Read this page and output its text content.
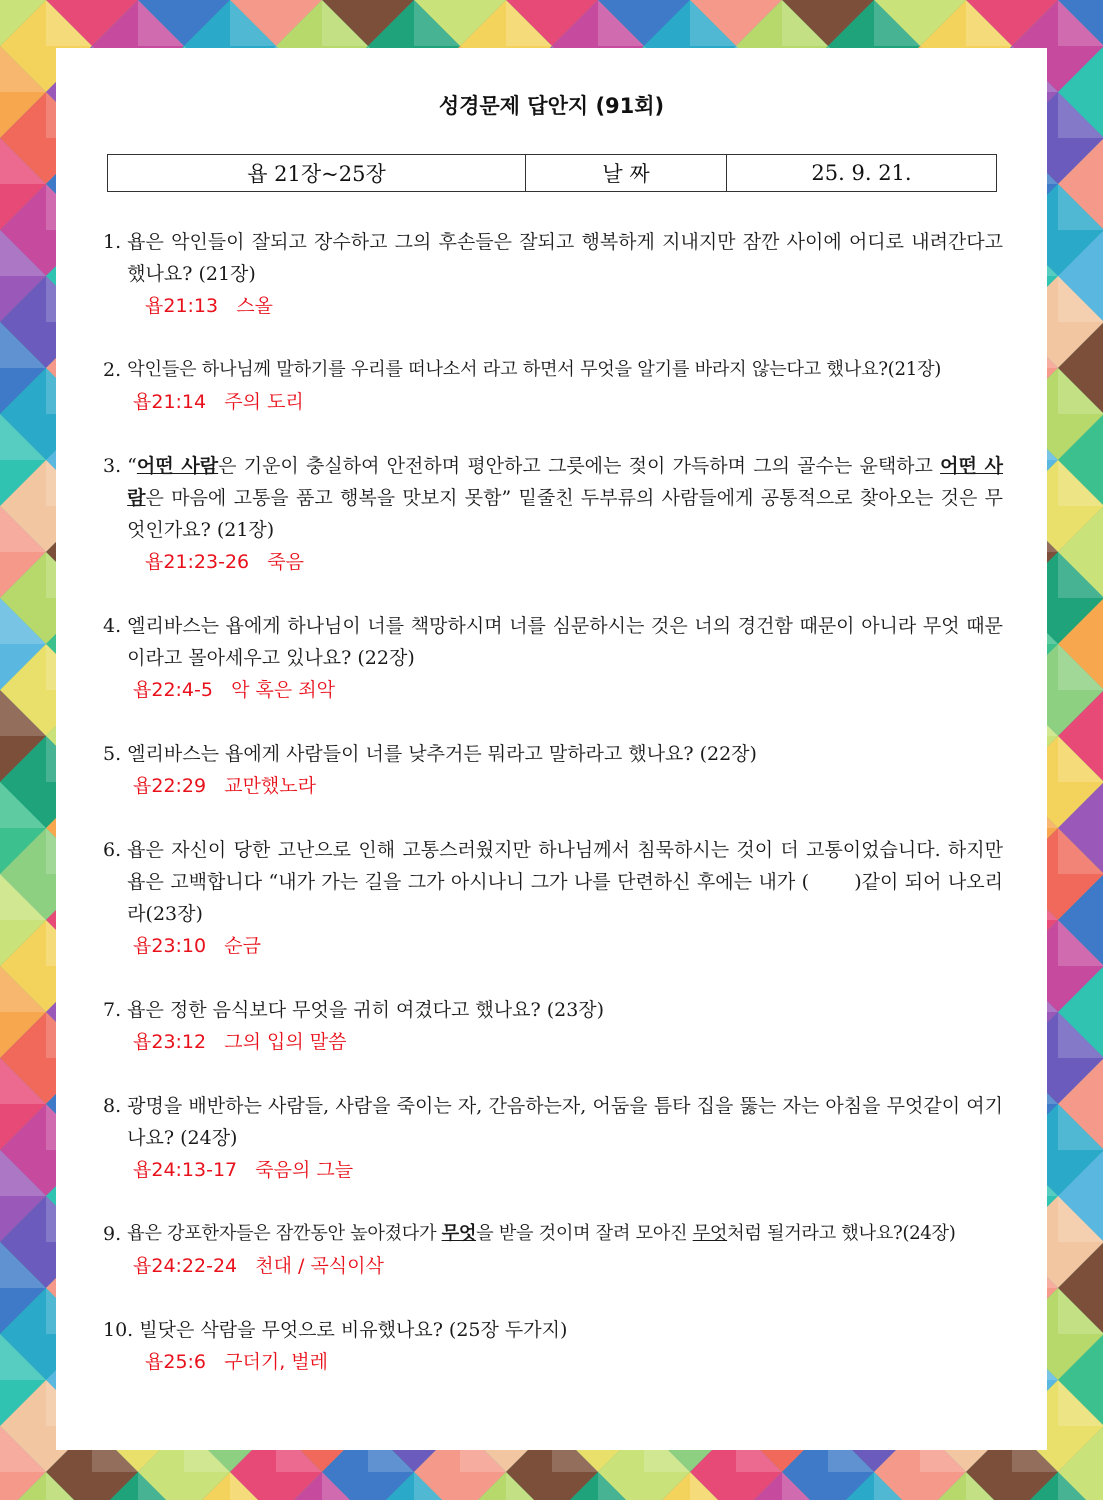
성경문제 답안지 (91회)
욥 21장~25장	날 짜	25. 9. 21.
1. 욥은 악인들이 잘되고 장수하고 그의 후손들은 잘되고 행복하게 지내지만 잠깐 사이에 어디로 내려간다고 했나요? (21장)
욥21:13   스올
2. 악인들은 하나님께 말하기를 우리를 떠나소서 라고 하면서 무엇을 알기를 바라지 않는다고 했나요?(21장)
욥21:14   주의 도리
3. “어떤 사람은 기운이 충실하여 안전하며 평안하고 그릇에는 젖이 가득하며 그의 골수는 윤택하고 어떤 사람은 마음에 고통을 품고 행복을 맛보지 못함” 밑줄친 두부류의 사람들에게 공통적으로 찾아오는 것은 무엇인가요? (21장)
욥21:23-26   죽음
4. 엘리바스는 욥에게 하나님이 너를 책망하시며 너를 심문하시는 것은 너의 경건함 때문이 아니라 무엇 때문이라고 몰아세우고 있나요? (22장)
욥22:4-5   악 혹은 죄악
5. 엘리바스는 욥에게 사람들이 너를 낮추거든 뭐라고 말하라고 했나요? (22장)
욥22:29   교만했노라
6. 욥은 자신이 당한 고난으로 인해 고통스러웠지만 하나님께서 침묵하시는 것이 더 고통이었습니다. 하지만 욥은 고백합니다 “내가 가는 길을 그가 아시나니 그가 나를 단련하신 후에는 내가 (       )같이 되어 나오리라(23장)
욥23:10   순금
7. 욥은 정한 음식보다 무엇을 귀히 여겼다고 했나요? (23장)
욥23:12   그의 입의 말씀
8. 광명을 배반하는 사람들, 사람을 죽이는 자, 간음하는자, 어둠을 틈타 집을 뚫는 자는 아침을 무엇같이 여기나요? (24장)
욥24:13-17   죽음의 그늘
9. 욥은 강포한자들은 잠깐동안 높아졌다가 무엇을 받을 것이며 잘려 모아진 무엇처럼 될거라고 했나요?(24장)
욥24:22-24   천대 / 곡식이삭
10. 빌닷은 삭람을 무엇으로 비유했나요? (25장 두가지)
욥25:6   구더기, 벌레
